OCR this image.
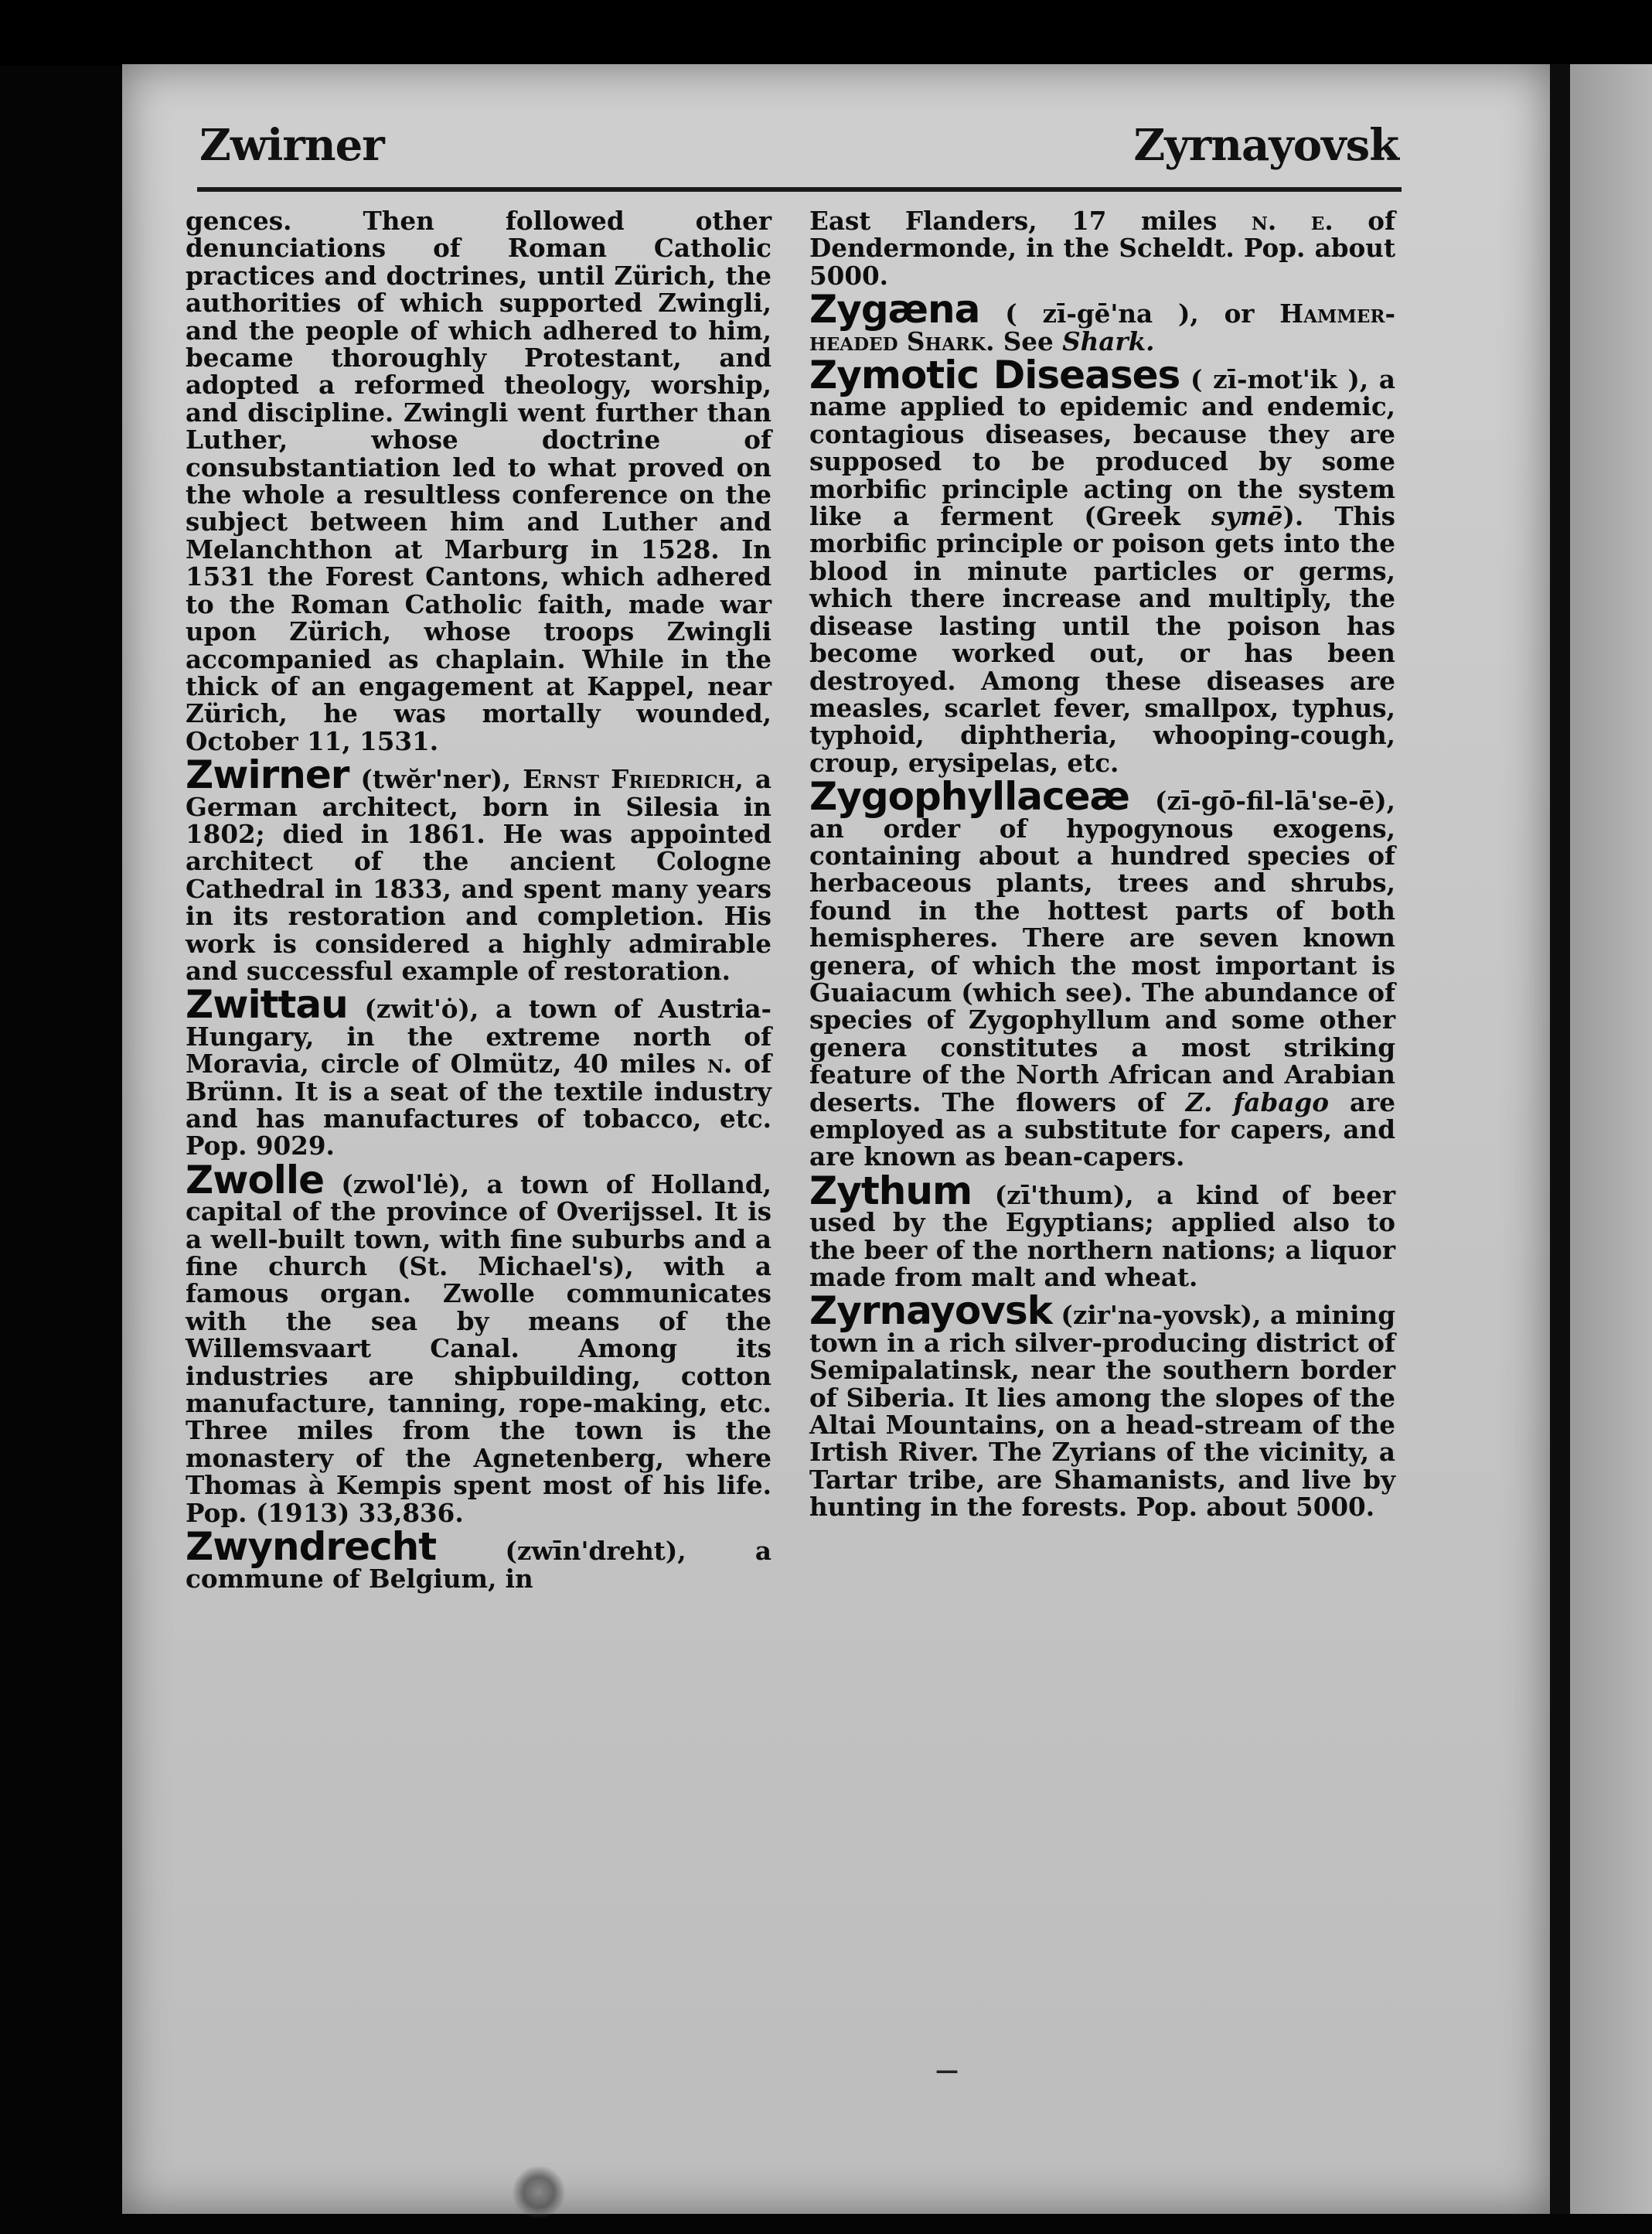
Zwirner	Zyrnayovsk

gences. Then followed other denunciations of Roman Catholic practices and doctrines, until Zürich, the authorities of which supported Zwingli, and the people of which adhered to him, became thoroughly Protestant, and adopted a reformed theology, worship, and discipline. Zwingli went further than Luther, whose doctrine of consubstantiation led to what proved on the whole a resultless conference on the subject between him and Luther and Melanchthon at Marburg in 1528. In 1531 the Forest Cantons, which adhered to the Roman Catholic faith, made war upon Zürich, whose troops Zwingli accompanied as chaplain. While in the thick of an engagement at Kappel, near Zürich, he was mortally wounded, October 11, 1531.

Zwirner (twĕr'ner), Ernst Friedrich, a German architect, born in Silesia in 1802; died in 1861. He was appointed architect of the ancient Cologne Cathedral in 1833, and spent many years in its restoration and completion. His work is considered a highly admirable and successful example of restoration.

Zwittau (zwit'ȯ), a town of Austria-Hungary, in the extreme north of Moravia, circle of Olmütz, 40 miles n. of Brünn. It is a seat of the textile industry and has manufactures of tobacco, etc. Pop. 9029.

Zwolle (zwol'lė), a town of Holland, capital of the province of Overijssel. It is a well-built town, with fine suburbs and a fine church (St. Michael's), with a famous organ. Zwolle communicates with the sea by means of the Willemsvaart Canal. Among its industries are shipbuilding, cotton manufacture, tanning, rope-making, etc. Three miles from the town is the monastery of the Agnetenberg, where Thomas à Kempis spent most of his life. Pop. (1913) 33,836.

Zwyndrecht	(zwīn'dreht), a commune of Belgium, in

East Flanders, 17 miles n. e. of Dendermonde, in the Scheldt. Pop. about 5000.

Zygæna ( zī-gē'na ), or Hammer-headed Shark. See Shark.

Zymotic Diseases ( zī-mot'ik ), a name applied to epidemic and endemic, contagious diseases, because they are supposed to be produced by some morbific principle acting on the system like a ferment (Greek symē). This morbific principle or poison gets into the blood in minute particles or germs, which there increase and multiply, the disease lasting until the poison has become worked out, or has been destroyed. Among these diseases are measles, scarlet fever, smallpox, typhus, typhoid, diphtheria, whooping-cough, croup, erysipelas, etc.

Zygophyllaceæ (zī-gō-fil-lā'se-ē), an order of hypogynous exogens, containing about a hundred species of herbaceous plants, trees and shrubs, found in the hottest parts of both hemispheres. There are seven known genera, of which the most important is Guaiacum (which see). The abundance of species of Zygophyllum and some other genera constitutes a most striking feature of the North African and Arabian deserts. The flowers of Z. fabago are employed as a substitute for capers, and are known as bean-capers.

Zythum (zī'thum), a kind of beer used by the Egyptians; applied also to the beer of the northern nations; a liquor made from malt and wheat.

Zyrnayovsk (zir'na-yovsk), a mining town in a rich silver-producing district of Semipalatinsk, near the southern border of Siberia. It lies among the slopes of the Altai Mountains, on a head-stream of the Irtish River. The Zyrians of the vicinity, a Tartar tribe, are Shamanists, and live by hunting in the forests. Pop. about 5000.

—
